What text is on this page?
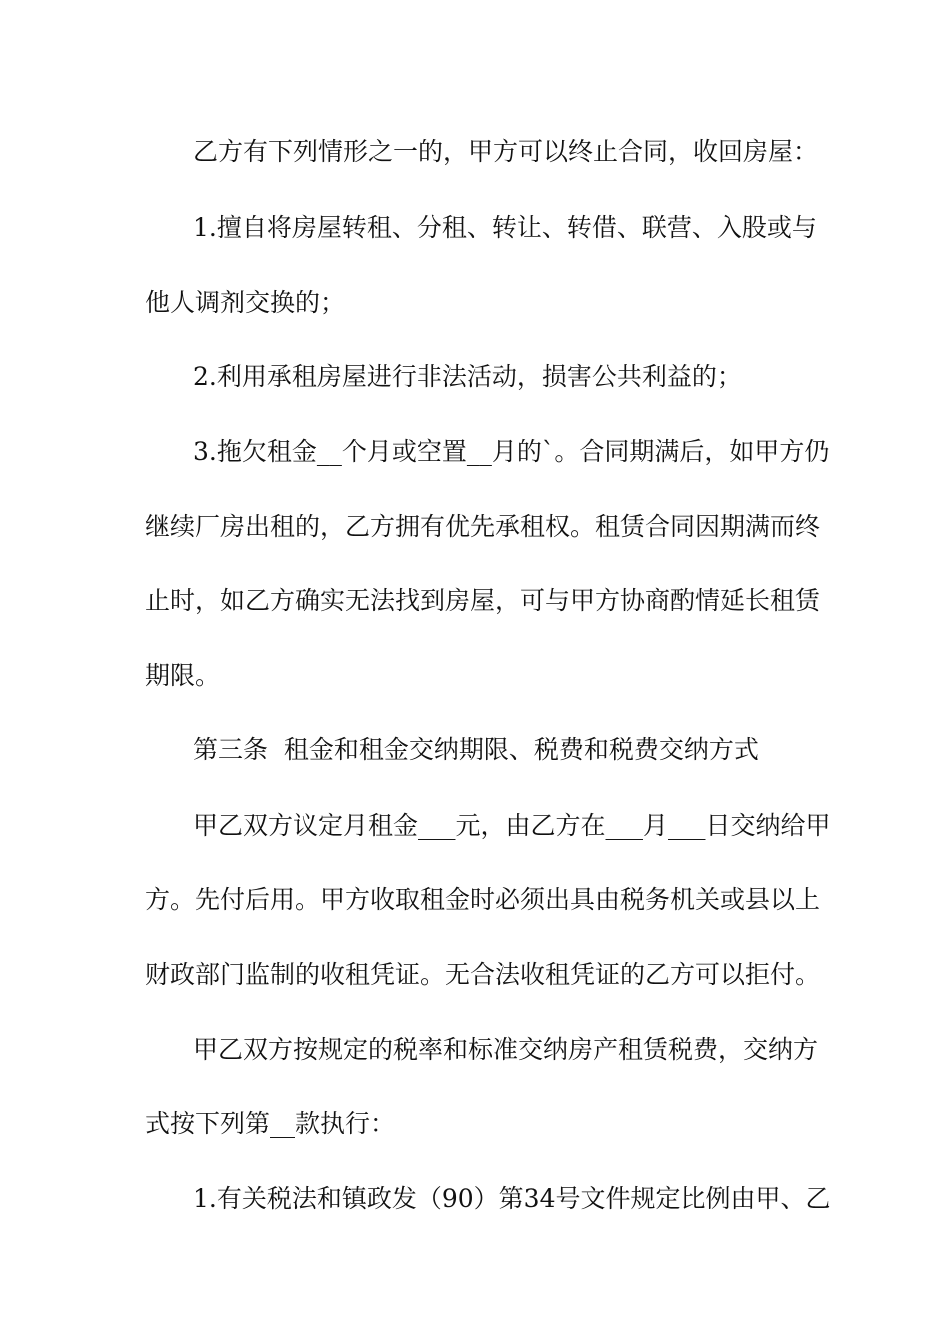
乙方有下列情形之一的，甲方可以终止合同，收回房屋：
1.擅自将房屋转租、分租、转让、转借、联营、入股或与
他人调剂交换的；
2.利用承租房屋进行非法活动，损害公共利益的；
3.拖欠租金__个月或空置__月的`。合同期满后，如甲方仍
继续厂房出租的，乙方拥有优先承租权。租赁合同因期满而终
止时，如乙方确实无法找到房屋，可与甲方协商酌情延长租赁
期限。
第三条  租金和租金交纳期限、税费和税费交纳方式
甲乙双方议定月租金___元，由乙方在___月___日交纳给甲
方。先付后用。甲方收取租金时必须出具由税务机关或县以上
财政部门监制的收租凭证。无合法收租凭证的乙方可以拒付。
甲乙双方按规定的税率和标准交纳房产租赁税费，交纳方
式按下列第__款执行：
1.有关税法和镇政发（90）第34号文件规定比例由甲、乙
